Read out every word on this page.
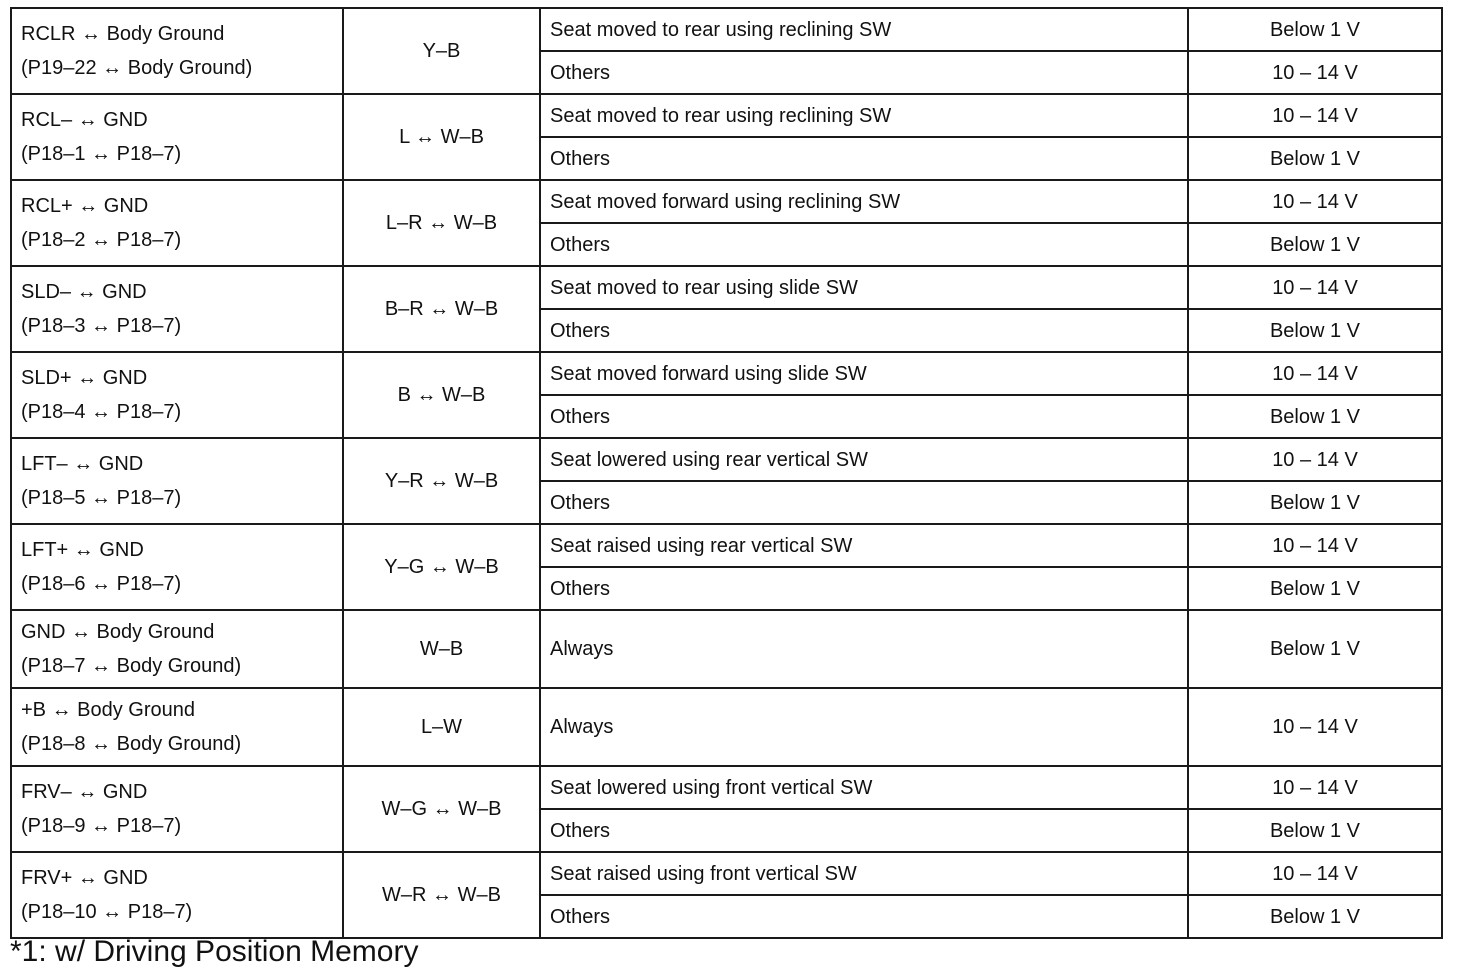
RCLR ↔ Body Ground
(P19–22 ↔ Body Ground)	Y–B	Seat moved to rear using reclining SW	Below 1 V
		Others	10 – 14 V

RCL– ↔ GND
(P18–1 ↔ P18–7)	L ↔ W–B	Seat moved to rear using reclining SW	10 – 14 V
		Others	Below 1 V

RCL+ ↔ GND
(P18–2 ↔ P18–7)	L–R ↔ W–B	Seat moved forward using reclining SW	10 – 14 V
		Others	Below 1 V

SLD– ↔ GND
(P18–3 ↔ P18–7)	B–R ↔ W–B	Seat moved to rear using slide SW	10 – 14 V
		Others	Below 1 V

SLD+ ↔ GND
(P18–4 ↔ P18–7)	B ↔ W–B	Seat moved forward using slide SW	10 – 14 V
		Others	Below 1 V

LFT– ↔ GND
(P18–5 ↔ P18–7)	Y–R ↔ W–B	Seat lowered using rear vertical SW	10 – 14 V
		Others	Below 1 V

LFT+ ↔ GND
(P18–6 ↔ P18–7)	Y–G ↔ W–B	Seat raised using rear vertical SW	10 – 14 V
		Others	Below 1 V

GND ↔ Body Ground
(P18–7 ↔ Body Ground)	W–B	Always	Below 1 V

+B ↔ Body Ground
(P18–8 ↔ Body Ground)	L–W	Always	10 – 14 V

FRV– ↔ GND
(P18–9 ↔ P18–7)	W–G ↔ W–B	Seat lowered using front vertical SW	10 – 14 V
		Others	Below 1 V

FRV+ ↔ GND
(P18–10 ↔ P18–7)	W–R ↔ W–B	Seat raised using front vertical SW	10 – 14 V
		Others	Below 1 V
*1: w/ Driving Position Memory
